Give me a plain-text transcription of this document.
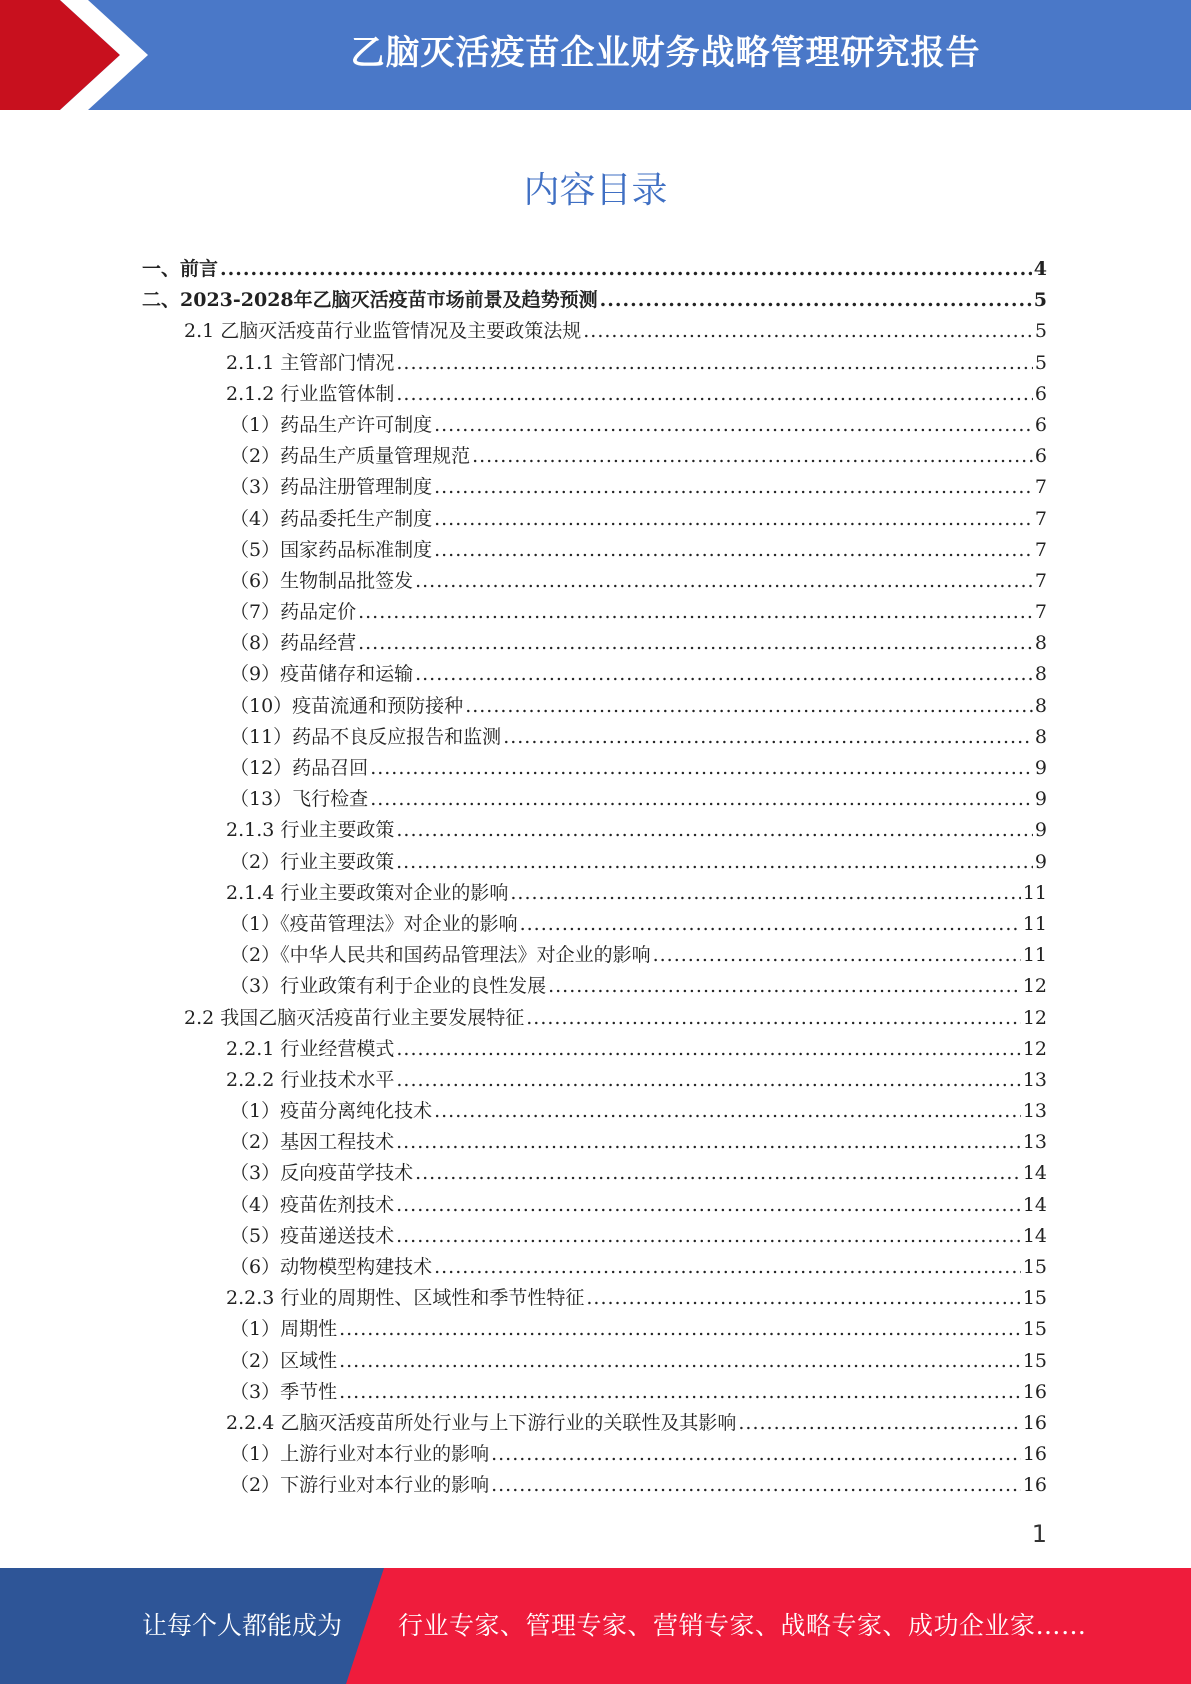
乙脑灭活疫苗企业财务战略管理研究报告
内容目录
一、前言 .....	4
二、2023-2028年乙脑灭活疫苗市场前景及趋势预测 .....	5
2.1 乙脑灭活疫苗行业监管情况及主要政策法规 .....	5
2.1.1 主管部门情况 .....	5
2.1.2 行业监管体制 .....	6
（1）药品生产许可制度 .....	6
（2）药品生产质量管理规范 .....	6
（3）药品注册管理制度 .....	7
（4）药品委托生产制度 .....	7
（5）国家药品标准制度 .....	7
（6）生物制品批签发 .....	7
（7）药品定价 .....	7
（8）药品经营 .....	8
（9）疫苗储存和运输 .....	8
（10）疫苗流通和预防接种 .....	8
（11）药品不良反应报告和监测 .....	8
（12）药品召回 .....	9
（13）飞行检查 .....	9
2.1.3 行业主要政策 .....	9
（2）行业主要政策 .....	9
2.1.4 行业主要政策对企业的影响 .....	11
（1）《疫苗管理法》对企业的影响 .....	11
（2）《中华人民共和国药品管理法》对企业的影响 .....	11
（3）行业政策有利于企业的良性发展 .....	12
2.2 我国乙脑灭活疫苗行业主要发展特征 .....	12
2.2.1 行业经营模式 .....	12
2.2.2 行业技术水平 .....	13
（1）疫苗分离纯化技术 .....	13
（2）基因工程技术 .....	13
（3）反向疫苗学技术 .....	14
（4）疫苗佐剂技术 .....	14
（5）疫苗递送技术 .....	14
（6）动物模型构建技术 .....	15
2.2.3 行业的周期性、区域性和季节性特征 .....	15
（1）周期性 .....	15
（2）区域性 .....	15
（3）季节性 .....	16
2.2.4 乙脑灭活疫苗所处行业与上下游行业的关联性及其影响 .....	16
（1）上游行业对本行业的影响 .....	16
（2）下游行业对本行业的影响 .....	16
1
让每个人都能成为 行业专家、管理专家、营销专家、战略专家、成功企业家……
